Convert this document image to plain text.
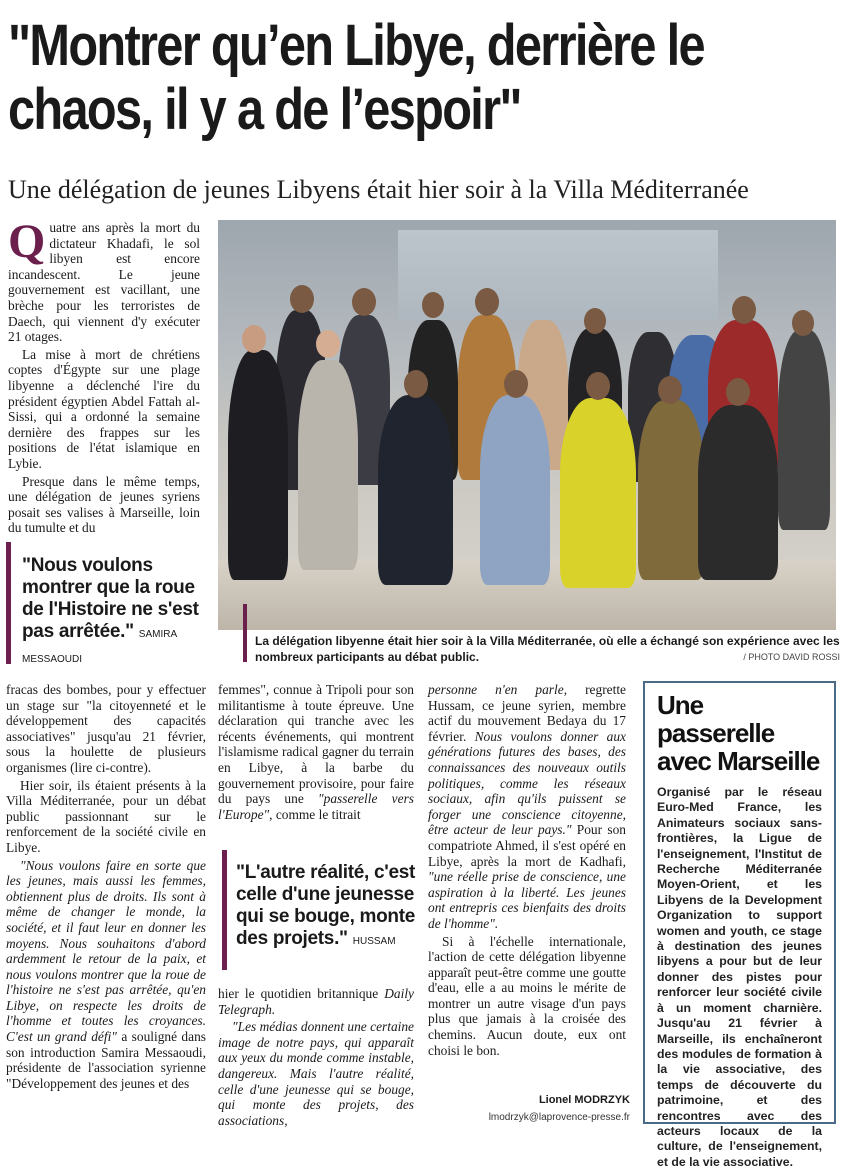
"Montrer qu’en Libye, derrière le chaos, il y a de l’espoir"
Une délégation de jeunes Libyens était hier soir à la Villa Méditerranée

Quatre ans après la mort du dictateur Khadafi, le sol libyen est encore incandescent. Le jeune gouvernement est vacillant, une brèche pour les terroristes de Daech, qui viennent d'y exécuter 21 otages.

La mise à mort de chrétiens coptes d'Égypte sur une plage libyenne a déclenché l'ire du président égyptien Abdel Fattah al-Sissi, qui a ordonné la semaine dernière des frappes sur les positions de l'état islamique en Lybie.

Presque dans le même temps, une délégation de jeunes syriens posait ses valises à Marseille, loin du tumulte et du

"Nous voulons montrer que la roue de l'Histoire ne s'est pas arrêtée." SAMIRA MESSAOUDI
La délégation libyenne était hier soir à la Villa Méditerranée, où elle a échangé son expérience avec les nombreux participants au débat public.	/ PHOTO DAVID ROSSI

fracas des bombes, pour y effectuer un stage sur "la citoyenneté et le développement des capacités associatives" jusqu'au 21 février, sous la houlette de plusieurs organismes (lire ci-contre).

Hier soir, ils étaient présents à la Villa Méditerranée, pour un débat public passionnant sur le renforcement de la société civile en Libye.

"Nous voulons faire en sorte que les jeunes, mais aussi les femmes, obtiennent plus de droits. Ils sont à même de changer le monde, la société, et il faut leur en donner les moyens. Nous souhaitons d'abord ardemment le retour de la paix, et nous voulons montrer que la roue de l'histoire ne s'est pas arrêtée, qu'en Libye, on respecte les droits de l'homme et toutes les croyances. C'est un grand défi" a souligné dans son introduction Samira Messaoudi, présidente de l'association syrienne "Développement des jeunes et des

femmes", connue à Tripoli pour son militantisme à toute épreuve. Une déclaration qui tranche avec les récents événements, qui montrent l'islamisme radical gagner du terrain en Libye, à la barbe du gouvernement provisoire, pour faire du pays une "passerelle vers l'Europe", comme le titrait

"L'autre réalité, c'est celle d'une jeunesse qui se bouge, monte des projets." HUSSAM

hier le quotidien britannique Daily Telegraph.

"Les médias donnent une certaine image de notre pays, qui apparaît aux yeux du monde comme instable, dangereux. Mais l'autre réalité, celle d'une jeunesse qui se bouge, qui monte des projets, des associations,

personne n'en parle, regrette Hussam, ce jeune syrien, membre actif du mouvement Bedaya du 17 février. Nous voulons donner aux générations futures des bases, des connaissances des nouveaux outils politiques, comme les réseaux sociaux, afin qu'ils puissent se forger une conscience citoyenne, être acteur de leur pays." Pour son compatriote Ahmed, il s'est opéré en Libye, après la mort de Kadhafi, "une réelle prise de conscience, une aspiration à la liberté. Les jeunes ont entrepris ces bienfaits des droits de l'homme".

Si à l'échelle internationale, l'action de cette délégation libyenne apparaît peut-être comme une goutte d'eau, elle a au moins le mérite de montrer un autre visage d'un pays plus que jamais à la croisée des chemins. Aucun doute, eux ont choisi le bon.

Lionel MODRZYK
lmodrzyk@laprovence-presse.fr
Une passerelle avec Marseille

Organisé par le réseau Euro-Med France, les Animateurs sociaux sans-frontières, la Ligue de l'enseignement, l'Institut de Recherche Méditerranée Moyen-Orient, et les Libyens de la Development Organization to support women and youth, ce stage à destination des jeunes libyens a pour but de leur donner des pistes pour renforcer leur société civile à un moment charnière. Jusqu'au 21 février à Marseille, ils enchaîneront des modules de formation à la vie associative, des temps de découverte du patrimoine, et des rencontres avec des acteurs locaux de la culture, de l'enseignement, et de la vie associative.
